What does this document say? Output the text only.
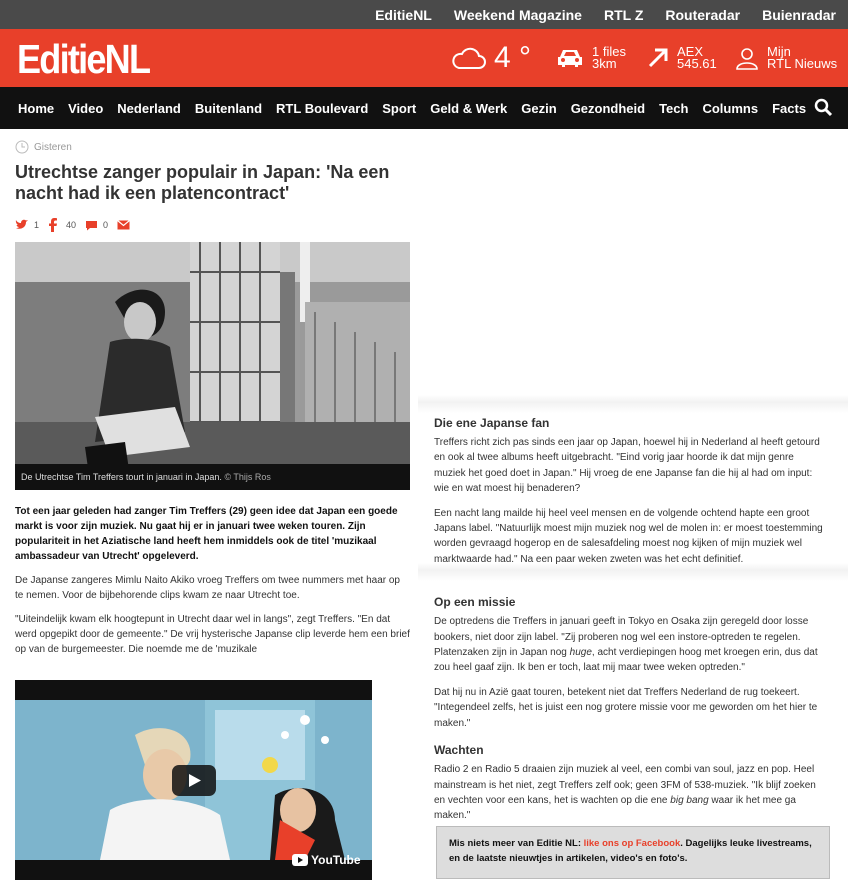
EditieNL Weekend Magazine RTL Z Routeradar Buienradar
EditieNL	4 °	1 files
3km
AEX
545.61
Mijn
RTL Nieuws
Home Video Nederland Buitenland RTL Boulevard Sport Geld & Werk Gezin Gezondheid Tech Columns Facts
Gisteren
Utrechtse zanger populair in Japan: 'Na een nacht had ik een platencontract'
1	40	0
De Utrechtse Tim Treffers tourt in januari in Japan. © Thijs Ros

Tot een jaar geleden had zanger Tim Treffers (29) geen idee dat Japan een goede markt is voor zijn muziek. Nu gaat hij er in januari twee weken touren. Zijn populariteit in het Aziatische land heeft hem inmiddels ook de titel 'muzikaal ambassadeur van Utrecht' opgeleverd.

De Japanse zangeres Mimlu Naito Akiko vroeg Treffers om twee nummers met haar op te nemen. Voor de bijbehorende clips kwam ze naar Utrecht toe.

"Uiteindelijk kwam elk hoogtepunt in Utrecht daar wel in langs", zegt Treffers. "En dat werd opgepikt door de gemeente." De vrij hysterische Japanse clip leverde hem een brief op van de burgemeester. Die noemde me de 'muzikale

YouTube
Die ene Japanse fan

Treffers richt zich pas sinds een jaar op Japan, hoewel hij in Nederland al heeft getourd en ook al twee albums heeft uitgebracht. "Eind vorig jaar hoorde ik dat mijn genre muziek het goed doet in Japan." Hij vroeg de ene Japanse fan die hij al had om input: wie en wat moest hij benaderen?

Een nacht lang mailde hij heel veel mensen en de volgende ochtend hapte een groot Japans label. "Natuurlijk moest mijn muziek nog wel de molen in: er moest toestemming worden gevraagd hogerop en de salesafdeling moest nog kijken of mijn muziek wel marktwaarde had." Na een paar weken zweten was het echt definitief.

Op een missie

De optredens die Treffers in januari geeft in Tokyo en Osaka zijn geregeld door losse bookers, niet door zijn label. "Zij proberen nog wel een instore-optreden te regelen. Platenzaken zijn in Japan nog huge, acht verdiepingen hoog met kroegen erin, dus dat zou heel gaaf zijn. Ik ben er toch, laat mij maar twee weken optreden."

Dat hij nu in Azië gaat touren, betekent niet dat Treffers Nederland de rug toekeert. "Integendeel zelfs, het is juist een nog grotere missie voor me geworden om het hier te maken."

Wachten

Radio 2 en Radio 5 draaien zijn muziek al veel, een combi van soul, jazz en pop. Heel mainstream is het niet, zegt Treffers zelf ook; geen 3FM of 538-muziek. "Ik blijf zoeken en vechten voor een kans, het is wachten op die ene big bang waar ik het mee ga maken."

Mis niets meer van Editie NL: like ons op Facebook. Dagelijks leuke livestreams, en de laatste nieuwtjes in artikelen, video's en foto's.
